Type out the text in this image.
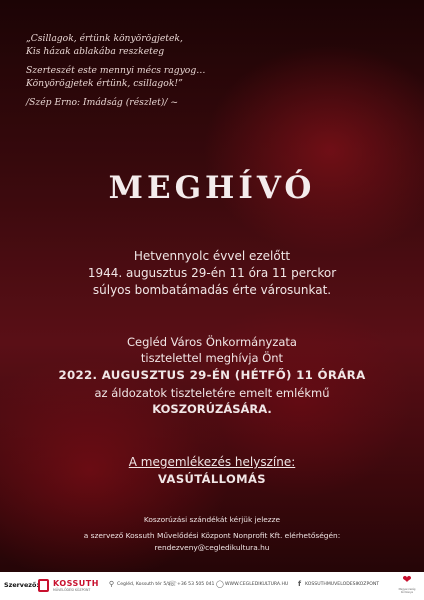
„Csillagok, értünk könyörögjetek,
Kis házak ablakába reszketeg
Szerteszét este mennyi mécs ragyog…
Könyörögjetek értünk, csillagok!”
/Szép Erno: Imádság (részlet)/ ~
MEGHÍVÓ
Hetvennyolc évvel ezelőtt
1944. augusztus 29-én 11 óra 11 perckor
súlyos bombatámadás érte városunkat.
Cegléd Város Önkormányzata
tisztelettel meghívja Önt
2022. AUGUSZTUS 29-ÉN (HÉTFŐ) 11 ÓRÁRA
az áldozatok tiszteletére emelt emlékmű
KOSZORÚZÁSÁRA.
A megemlékezés helyszíne:
VASÚTÁLLOMÁS
Koszorúzási szándékát kérjük jelezze
a szervező Kossuth Művelődési Központ Nonprofit Kft. elérhetőségén:
rendezveny@cegledikultura.hu
Szervező: KOSSUTH
MŰVELŐDÉSI KÖZPONT
⚲ Cegléd, Kossuth tér 5/a
☏ +36 53 505 041 ◯ WWW.CEGLEDIKULTURA.HU f KOSSUTHMUVELODESIKOZPONT ❤
Magyarország Kormánya
